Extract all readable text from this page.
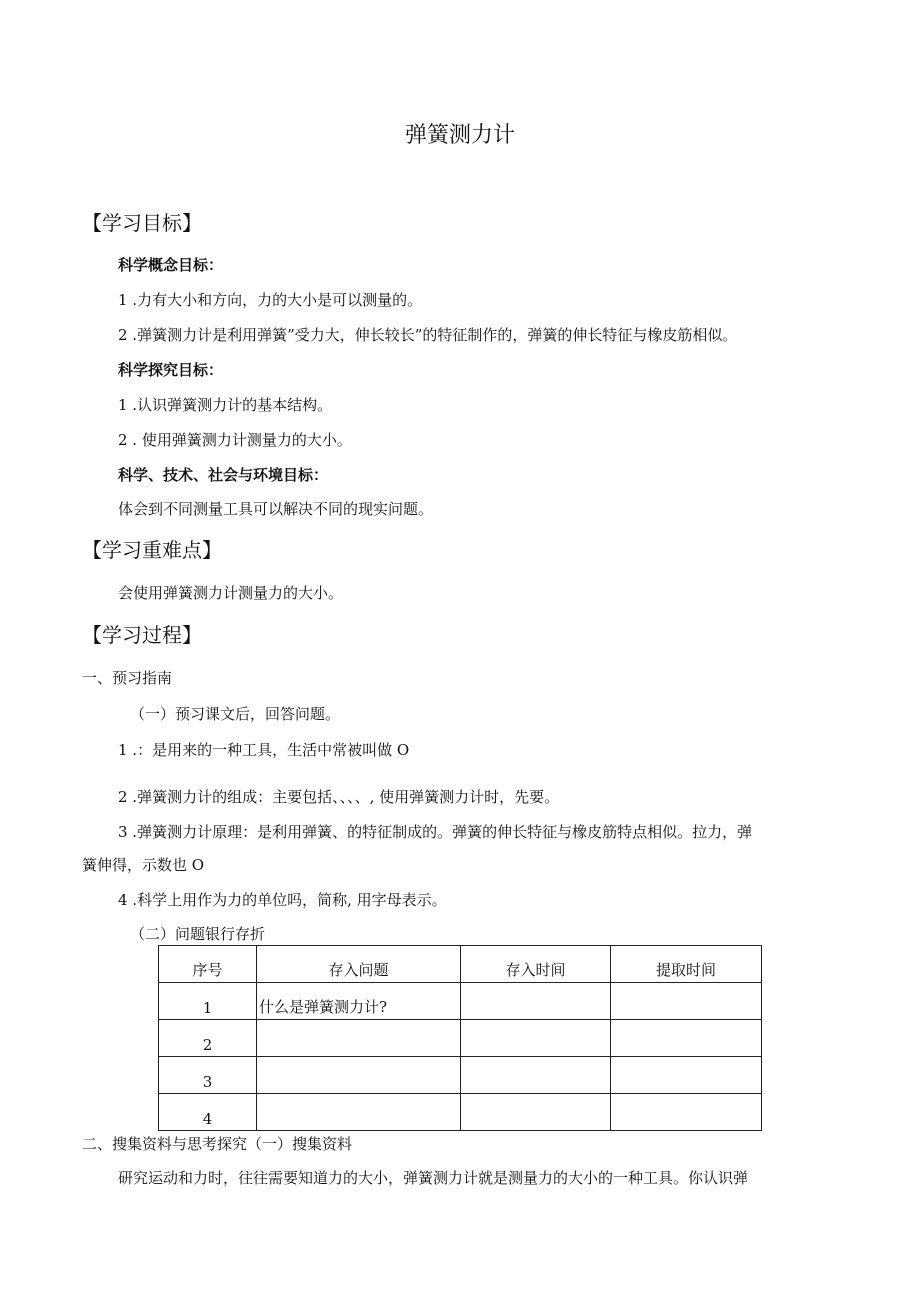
弹簧测力计
【学习目标】
科学概念目标：
1 .力有大小和方向，力的大小是可以测量的。
2 .弹簧测力计是利用弹簧”受力大，伸长较长”的特征制作的，弹簧的伸长特征与橡皮筋相似。
科学探究目标：
1 .认识弹簧测力计的基本结构。
2 . 使用弹簧测力计测量力的大小。
科学、技术、社会与环境目标：
体会到不同测量工具可以解决不同的现实问题。
【学习重难点】
会使用弹簧测力计测量力的大小。
【学习过程】
一、预习指南
（一）预习课文后，回答问题。
1 .：是用来的一种工具，生活中常被叫做 O
2 .弹簧测力计的组成：主要包括、、、、, 使用弹簧测力计时，先要。
3 .弹簧测力计原理：是利用弹簧、的特征制成的。弹簧的伸长特征与橡皮筋特点相似。拉力，弹
簧伸得，示数也 O
4 .科学上用作为力的单位吗，简称, 用字母表示。
（二）问题银行存折
序号	存入问题	存入时间	提取时间
1	什么是弹簧测力计?		
2			
3			
4			
二、搜集资料与思考探究（一）搜集资料
研究运动和力时，往往需要知道力的大小，弹簧测力计就是测量力的大小的一种工具。你认识弹
